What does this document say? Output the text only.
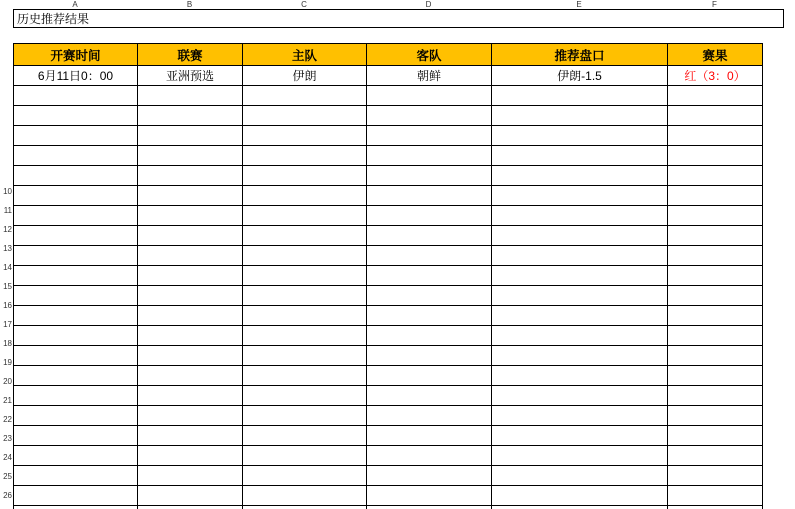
A	B	C	D	E	F
10
11
12
13
14
15
16
17
18
19
20
21
22
23
24
25
26
历史推荐结果
开赛时间	联赛	主队	客队	推荐盘口	赛果
6月11日0：00	亚洲预选	伊朗	朝鲜	伊朗-1.5	红（3：0）
